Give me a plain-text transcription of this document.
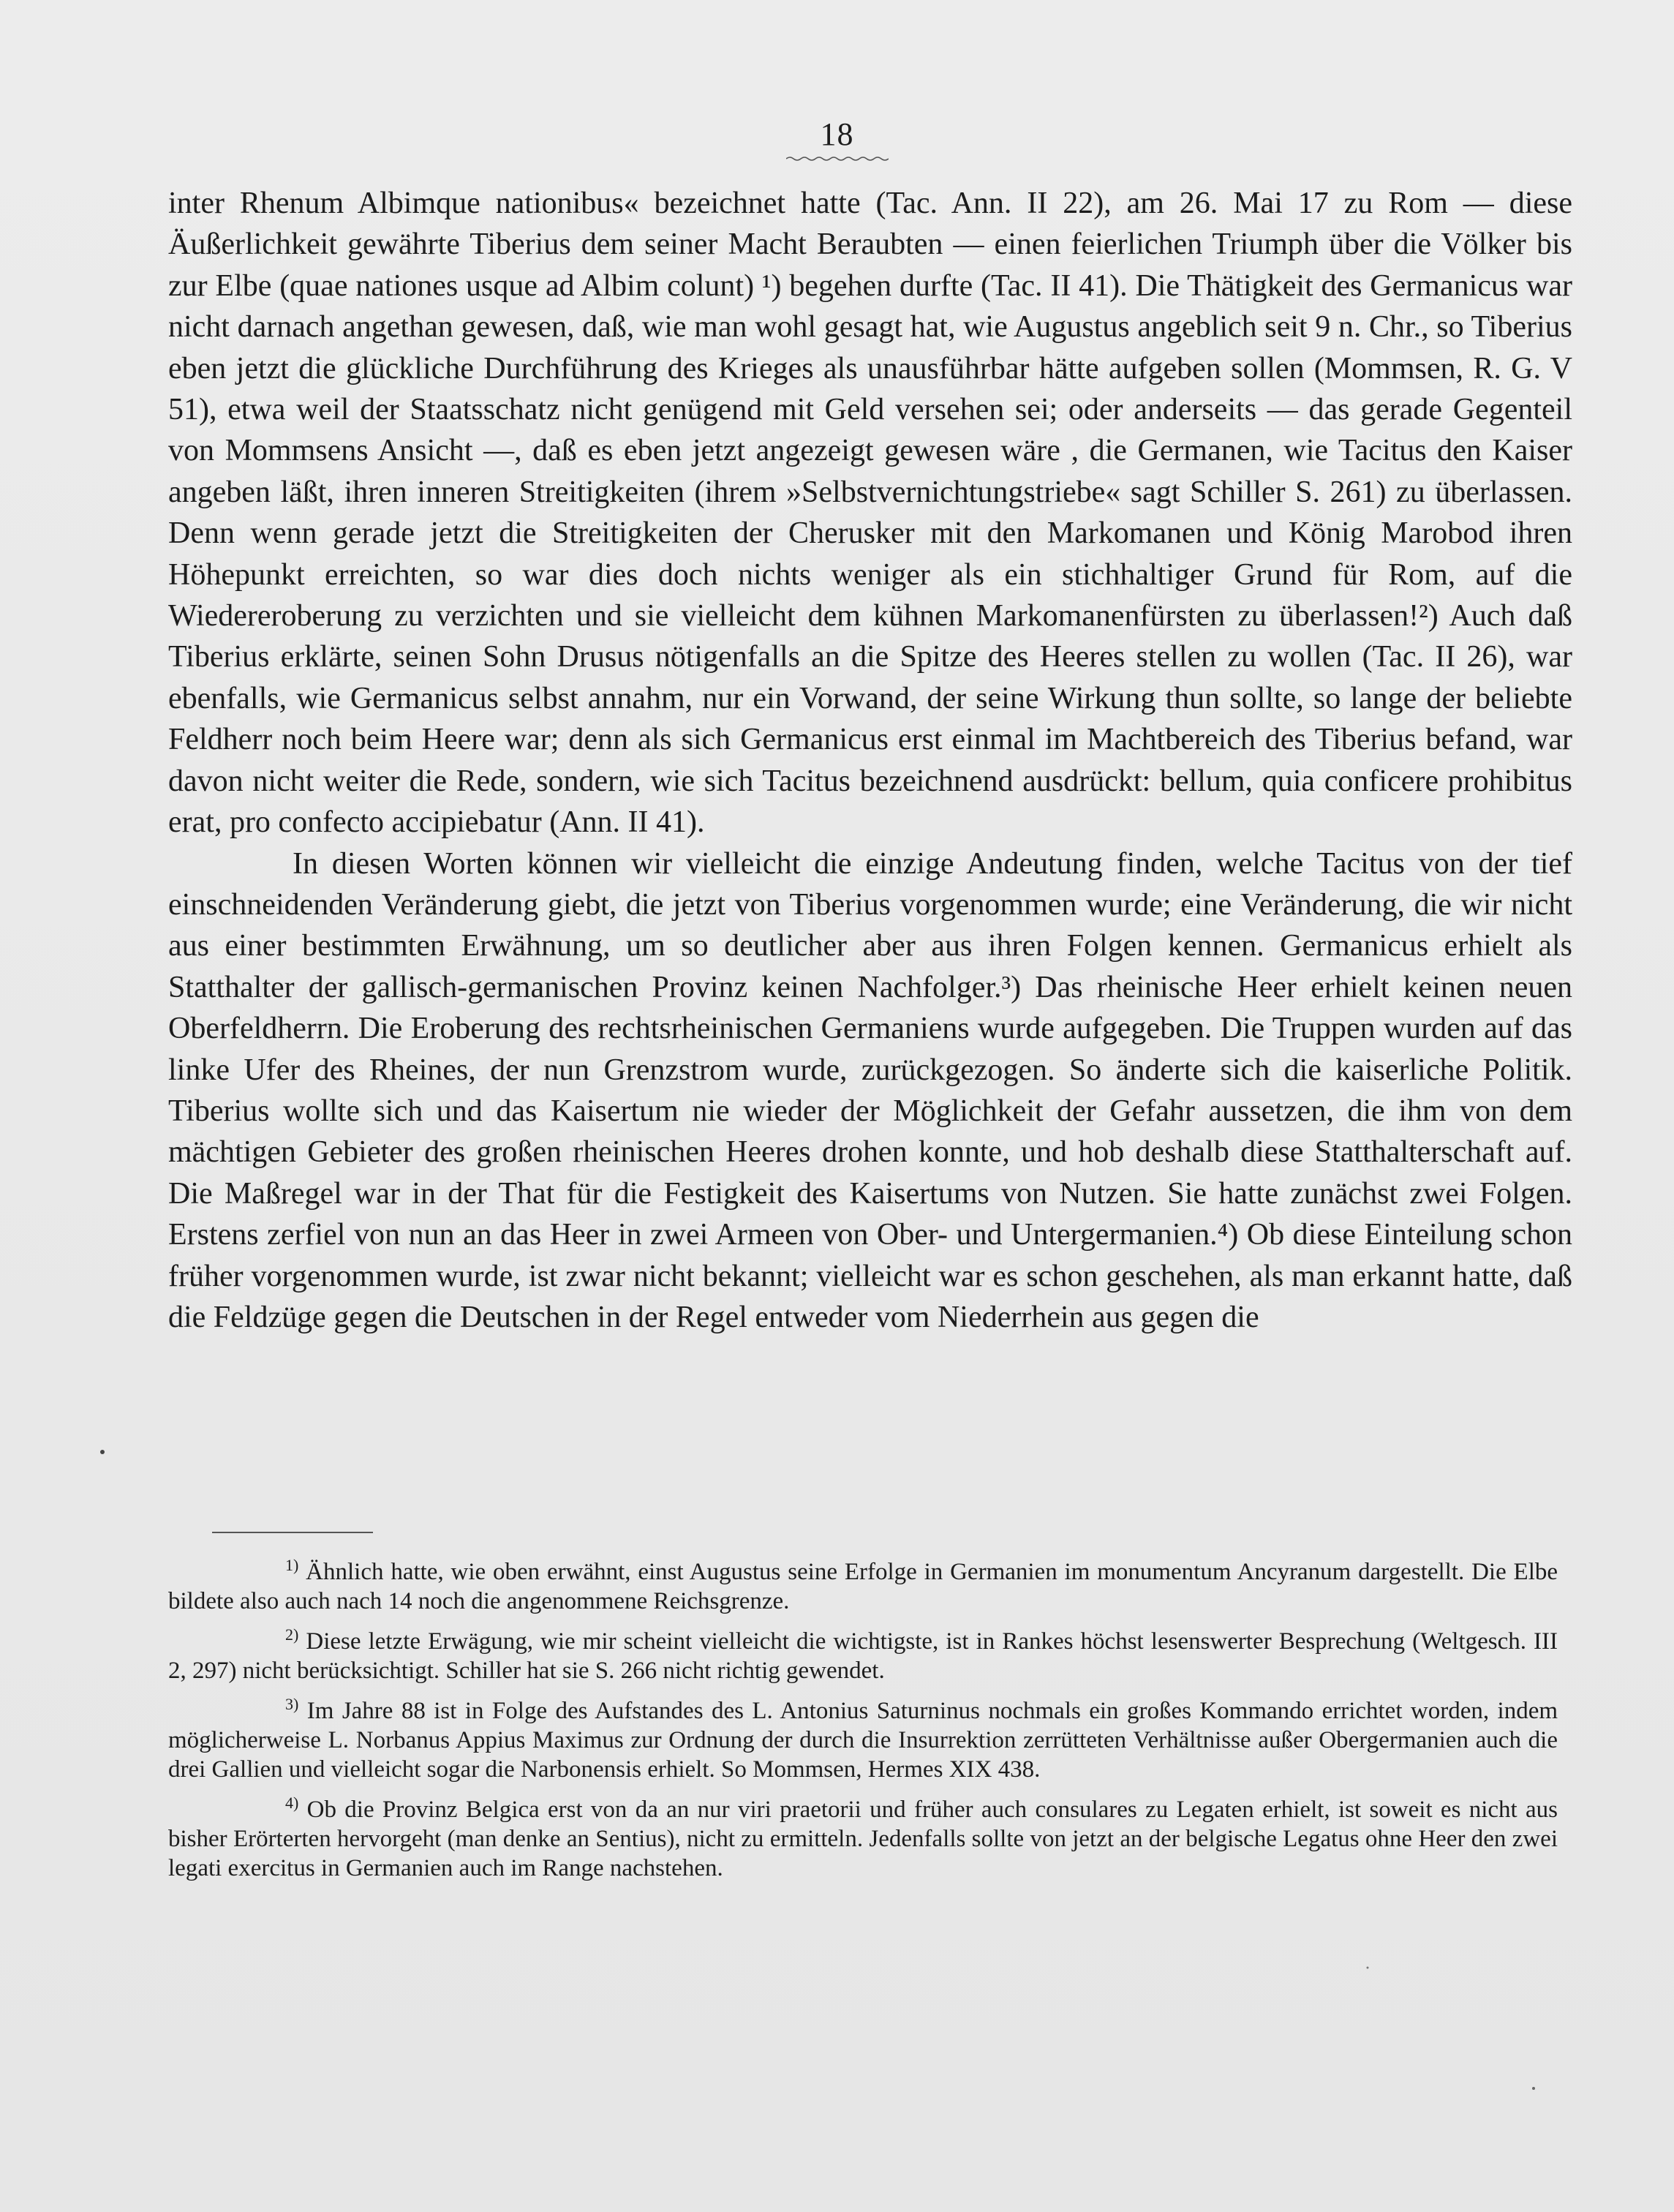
18

inter Rhenum Albimque nationibus« bezeichnet hatte (Tac. Ann. II 22), am 26. Mai 17 zu Rom — diese Äußerlichkeit gewährte Tiberius dem seiner Macht Beraubten — einen feierlichen Triumph über die Völker bis zur Elbe (quae nationes usque ad Albim colunt) ¹) begehen durfte (Tac. II 41). Die Thätigkeit des Germanicus war nicht darnach angethan gewesen, daß, wie man wohl gesagt hat, wie Augustus angeblich seit 9 n. Chr., so Tiberius eben jetzt die glückliche Durchführung des Krieges als unausführbar hätte aufgeben sollen (Mommsen, R. G. V 51), etwa weil der Staatsschatz nicht genügend mit Geld versehen sei; oder anderseits — das gerade Gegenteil von Mommsens Ansicht —, daß es eben jetzt angezeigt gewesen wäre , die Germanen, wie Tacitus den Kaiser angeben läßt, ihren inneren Streitigkeiten (ihrem »Selbstvernichtungstriebe« sagt Schiller S. 261) zu überlassen. Denn wenn gerade jetzt die Streitigkeiten der Cherusker mit den Markomanen und König Marobod ihren Höhepunkt erreichten, so war dies doch nichts weniger als ein stichhaltiger Grund für Rom, auf die Wiedereroberung zu verzichten und sie vielleicht dem kühnen Markomanenfürsten zu überlassen!²) Auch daß Tiberius erklärte, seinen Sohn Drusus nötigenfalls an die Spitze des Heeres stellen zu wollen (Tac. II 26), war ebenfalls, wie Germanicus selbst annahm, nur ein Vorwand, der seine Wirkung thun sollte, so lange der beliebte Feldherr noch beim Heere war; denn als sich Germanicus erst einmal im Machtbereich des Tiberius befand, war davon nicht weiter die Rede, sondern, wie sich Tacitus bezeichnend ausdrückt: bellum, quia conficere prohibitus erat, pro confecto accipiebatur (Ann. II 41).

In diesen Worten können wir vielleicht die einzige Andeutung finden, welche Tacitus von der tief einschneidenden Veränderung giebt, die jetzt von Tiberius vorgenommen wurde; eine Veränderung, die wir nicht aus einer bestimmten Erwähnung, um so deutlicher aber aus ihren Folgen kennen. Germanicus erhielt als Statthalter der gallisch-germanischen Provinz keinen Nachfolger.³) Das rheinische Heer erhielt keinen neuen Oberfeldherrn. Die Eroberung des rechtsrheinischen Germaniens wurde aufgegeben. Die Truppen wurden auf das linke Ufer des Rheines, der nun Grenzstrom wurde, zurückgezogen. So änderte sich die kaiserliche Politik. Tiberius wollte sich und das Kaisertum nie wieder der Möglichkeit der Gefahr aussetzen, die ihm von dem mächtigen Gebieter des großen rheinischen Heeres drohen konnte, und hob deshalb diese Statthalterschaft auf. Die Maßregel war in der That für die Festigkeit des Kaisertums von Nutzen. Sie hatte zunächst zwei Folgen. Erstens zerfiel von nun an das Heer in zwei Armeen von Ober- und Untergermanien.⁴) Ob diese Einteilung schon früher vorgenommen wurde, ist zwar nicht bekannt; vielleicht war es schon geschehen, als man erkannt hatte, daß die Feldzüge gegen die Deutschen in der Regel entweder vom Niederrhein aus gegen die

$^{1)}$ Ähnlich hatte, wie oben erwähnt, einst Augustus seine Erfolge in Germanien im monumentum Ancyranum dargestellt. Die Elbe bildete also auch nach 14 noch die angenommene Reichsgrenze.

$^{2)}$ Diese letzte Erwägung, wie mir scheint vielleicht die wichtigste, ist in Rankes höchst lesenswerter Besprechung (Weltgesch. III 2, 297) nicht berücksichtigt. Schiller hat sie S. 266 nicht richtig gewendet.

$^{3)}$ Im Jahre 88 ist in Folge des Aufstandes des L. Antonius Saturninus nochmals ein großes Kommando errichtet worden, indem möglicherweise L. Norbanus Appius Maximus zur Ordnung der durch die Insurrektion zerrütteten Verhältnisse außer Obergermanien auch die drei Gallien und vielleicht sogar die Narbonensis erhielt. So Mommsen, Hermes XIX 438.

$^{4)}$ Ob die Provinz Belgica erst von da an nur viri praetorii und früher auch consulares zu Legaten erhielt, ist soweit es nicht aus bisher Erörterten hervorgeht (man denke an Sentius), nicht zu ermitteln. Jedenfalls sollte von jetzt an der belgische Legatus ohne Heer den zwei legati exercitus in Germanien auch im Range nachstehen.
